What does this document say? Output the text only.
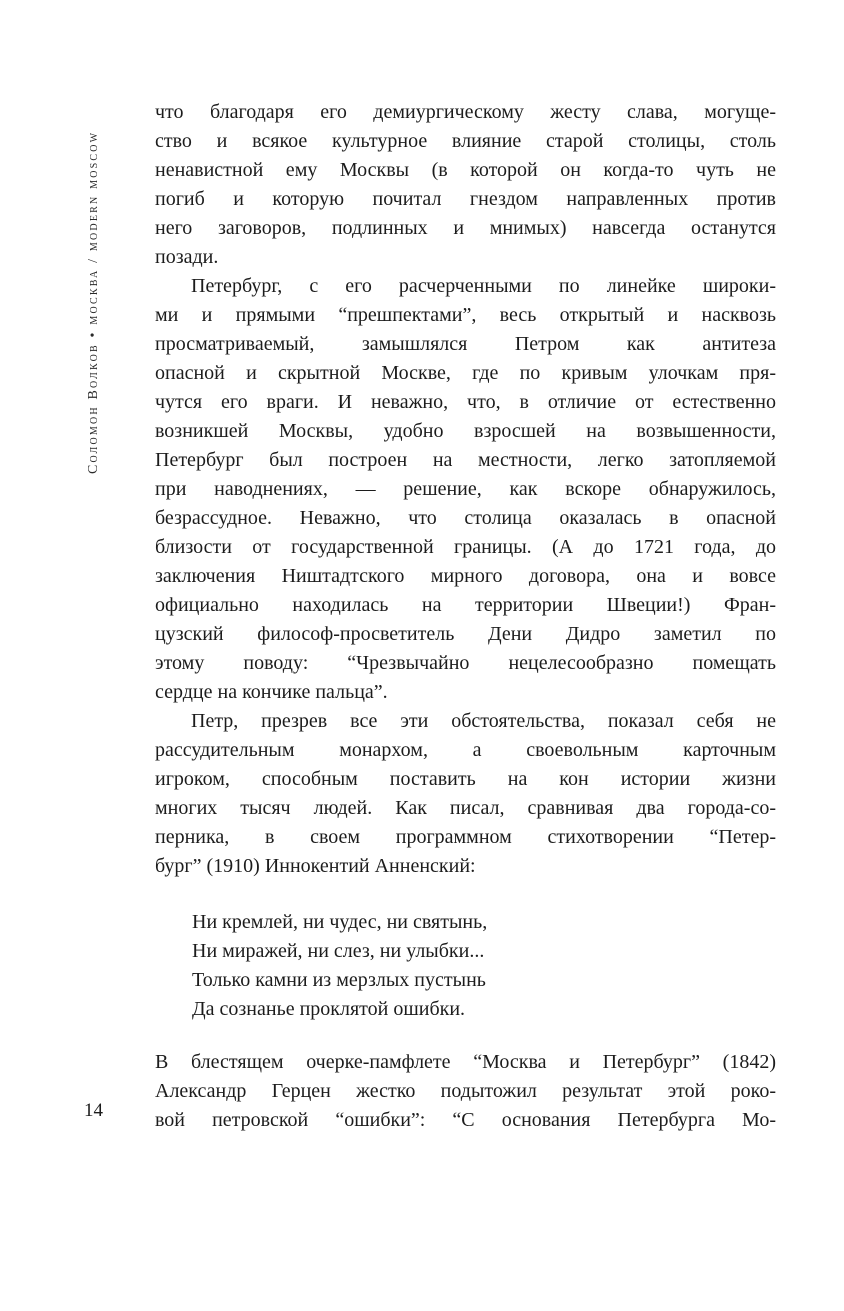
Соломон Волков • москва / modern moscow
14
что благодаря его демиургическому жесту слава, могуще-
ство и всякое культурное влияние старой столицы, столь
ненавистной ему Москвы (в которой он когда-то чуть не
погиб и которую почитал гнездом направленных против
него заговоров, подлинных и мнимых) навсегда останутся
позади.
Петербург, с его расчерченными по линейке широки-
ми и прямыми “прешпектами”, весь открытый и насквозь
просматриваемый, замышлялся Петром как антитеза
опасной и скрытной Москве, где по кривым улочкам пря-
чутся его враги. И неважно, что, в отличие от естественно
возникшей Москвы, удобно взросшей на возвышенности,
Петербург был построен на местности, легко затопляемой
при наводнениях, — решение, как вскоре обнаружилось,
безрассудное. Неважно, что столица оказалась в опасной
близости от государственной границы. (А до 1721 года, до
заключения Ништадтского мирного договора, она и вовсе
официально находилась на территории Швеции!) Фран-
цузский философ-просветитель Дени Дидро заметил по
этому поводу: “Чрезвычайно нецелесообразно помещать
сердце на кончике пальца”.
Петр, презрев все эти обстоятельства, показал себя не
рассудительным монархом, а своевольным карточным
игроком, способным поставить на кон истории жизни
многих тысяч людей. Как писал, сравнивая два города-со-
перника, в своем программном стихотворении “Петер-
бург” (1910) Иннокентий Анненский:
Ни кремлей, ни чудес, ни святынь,
Ни миражей, ни слез, ни улыбки...
Только камни из мерзлых пустынь
Да сознанье проклятой ошибки.
В блестящем очерке-памфлете “Москва и Петербург” (1842)
Александр Герцен жестко подытожил результат этой роко-
вой петровской “ошибки”: “С основания Петербурга Мо-
